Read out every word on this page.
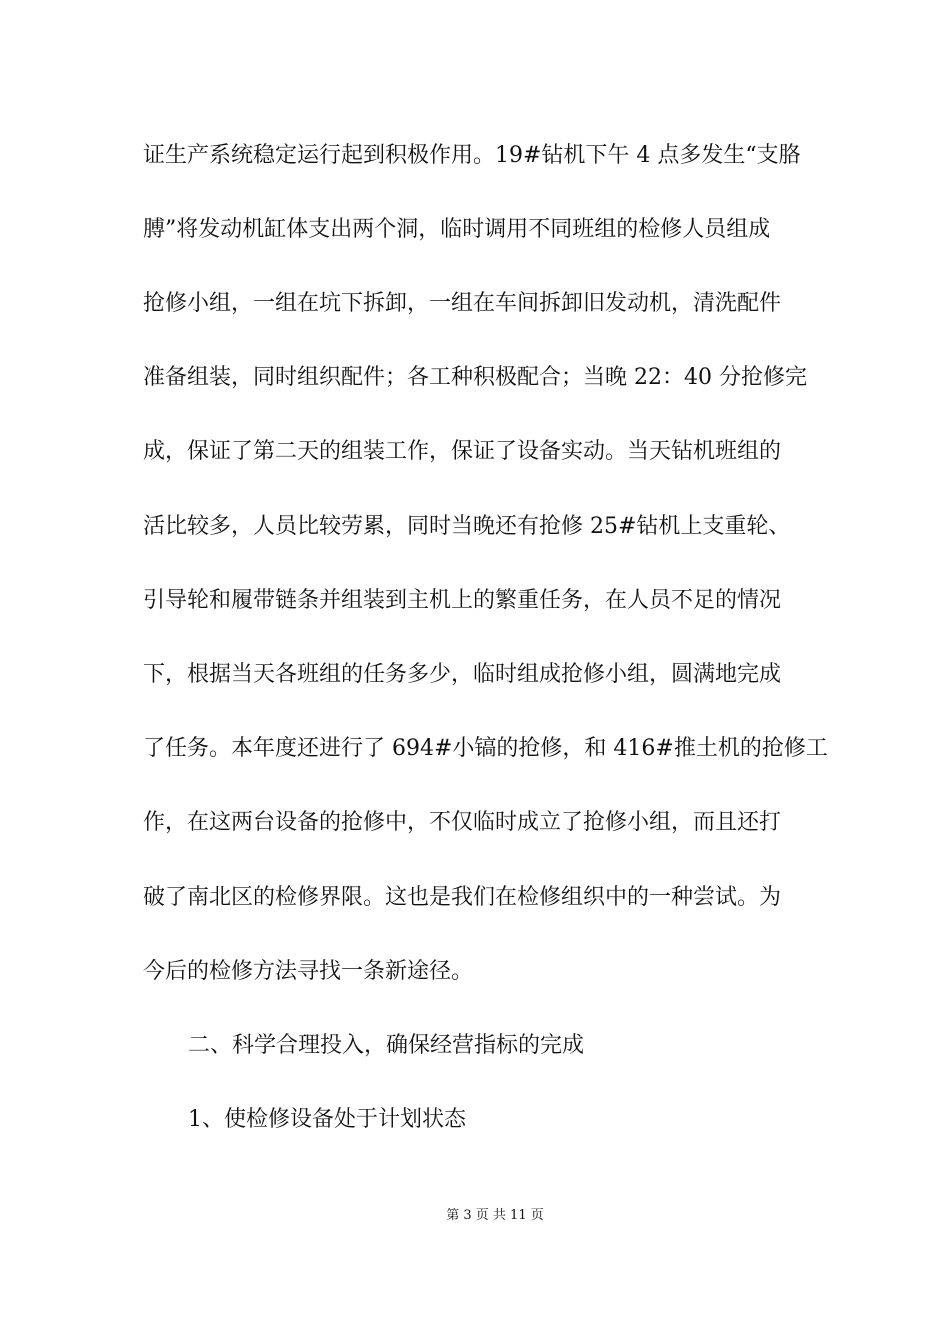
证生产系统稳定运行起到积极作用。19#钻机下午 4 点多发生“支胳
膊”将发动机缸体支出两个洞，临时调用不同班组的检修人员组成
抢修小组，一组在坑下拆卸，一组在车间拆卸旧发动机，清洗配件
准备组装，同时组织配件；各工种积极配合；当晚 22：40 分抢修完
成，保证了第二天的组装工作，保证了设备实动。当天钻机班组的
活比较多，人员比较劳累，同时当晚还有抢修 25#钻机上支重轮、
引导轮和履带链条并组装到主机上的繁重任务，在人员不足的情况
下，根据当天各班组的任务多少，临时组成抢修小组，圆满地完成
了任务。本年度还进行了 694#小镐的抢修，和 416#推土机的抢修工
作，在这两台设备的抢修中，不仅临时成立了抢修小组，而且还打
破了南北区的检修界限。这也是我们在检修组织中的一种尝试。为
今后的检修方法寻找一条新途径。
二、科学合理投入，确保经营指标的完成
1、使检修设备处于计划状态
第 3 页 共 11 页
